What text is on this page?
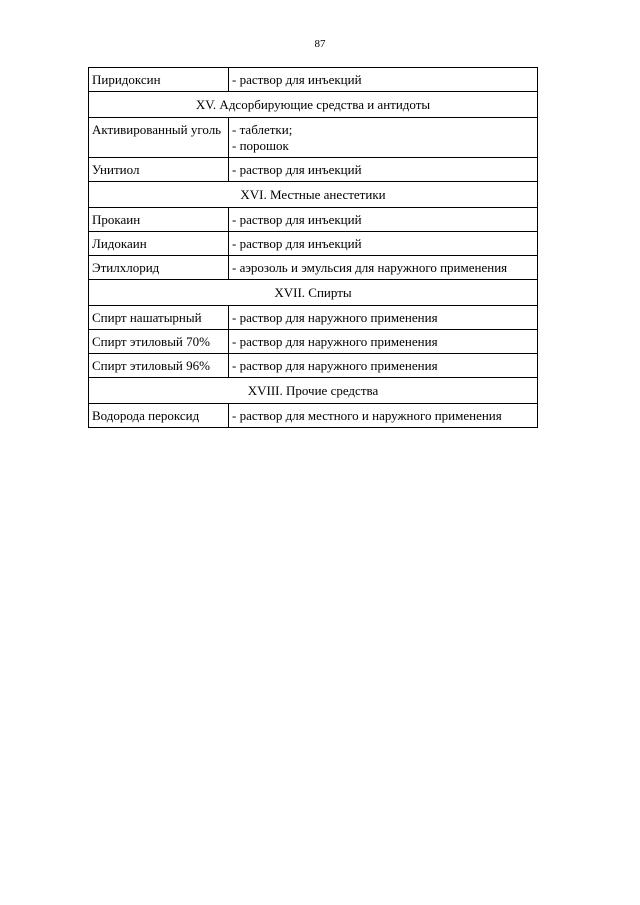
87
Пиридоксин	- раствор для инъекций

XV. Адсорбирующие средства и антидоты	
Активированный уголь	- таблетки;
- порошок

Унитиол	- раствор для инъекций

XVI. Местные анестетики	
Прокаин	- раствор для инъекций

Лидокаин	- раствор для инъекций

Этилхлорид	- аэрозоль и эмульсия для наружного применения

XVII. Спирты	
Спирт нашатырный	- раствор для наружного применения

Спирт этиловый 70%	- раствор для наружного применения

Спирт этиловый 96%	- раствор для наружного применения

XVIII. Прочие средства	
Водорода пероксид	- раствор для местного и наружного применения
